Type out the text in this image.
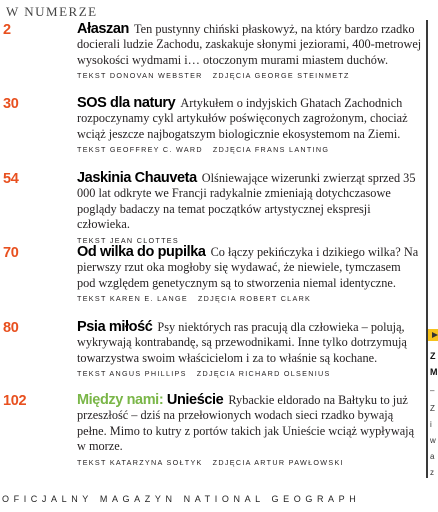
W NUMERZE
2	Ałaszan Ten pustynny chiński płaskowyż, na który bardzo rzadko docierali ludzie Zachodu, zaskakuje słonymi jeziorami, 400-metrowej wysokości wydmami i… otoczonym murami miastem duchów.

TEKST DONOVAN WEBSTER ZDJĘCIA GEORGE STEINMETZ
30	SOS dla natury Artykułem o indyjskich Ghatach Zachodnich rozpoczynamy cykl artykułów poświęconych zagrożonym, chociaż wciąż jeszcze najbogatszym biologicznie ekosystemom na Ziemi.

TEKST GEOFFREY C. WARD ZDJĘCIA FRANS LANTING
54	Jaskinia Chauveta Olśniewające wizerunki zwierząt sprzed 35 000 lat odkryte we Francji radykalnie zmieniają dotychczasowe poglądy badaczy na temat początków artystycznej ekspresji człowieka.

TEKST JEAN CLOTTES
70	Od wilka do pupilka Co łączy pekińczyka i dzikiego wilka? Na pierwszy rzut oka mogłoby się wydawać, że niewiele, tymczasem pod względem genetycznym są to stworzenia niemal identyczne.

TEKST KAREN E. LANGE ZDJĘCIA ROBERT CLARK
80	Psia miłość Psy niektórych ras pracują dla człowieka – polują, wykrywają kontrabandę, są przewodnikami. Inne tylko dotrzymują towarzystwa swoim właścicielom i za to właśnie są kochane.

TEKST ANGUS PHILLIPS ZDJĘCIA RICHARD OLSENIUS
102	Między nami: Unieście Rybackie eldorado na Bałtyku to już przeszłość – dziś na przełowionych wodach sieci rzadko bywają pełne. Mimo to kutry z portów takich jak Unieście wciąż wypływają w morze.

TEKST KATARZYNA SOŁTYK ZDJĘCIA ARTUR PAWŁOWSKI
OFICJALNY MAGAZYN NATIONAL GEOGRAPH
Z
M
–
Z
i
w
a
z
